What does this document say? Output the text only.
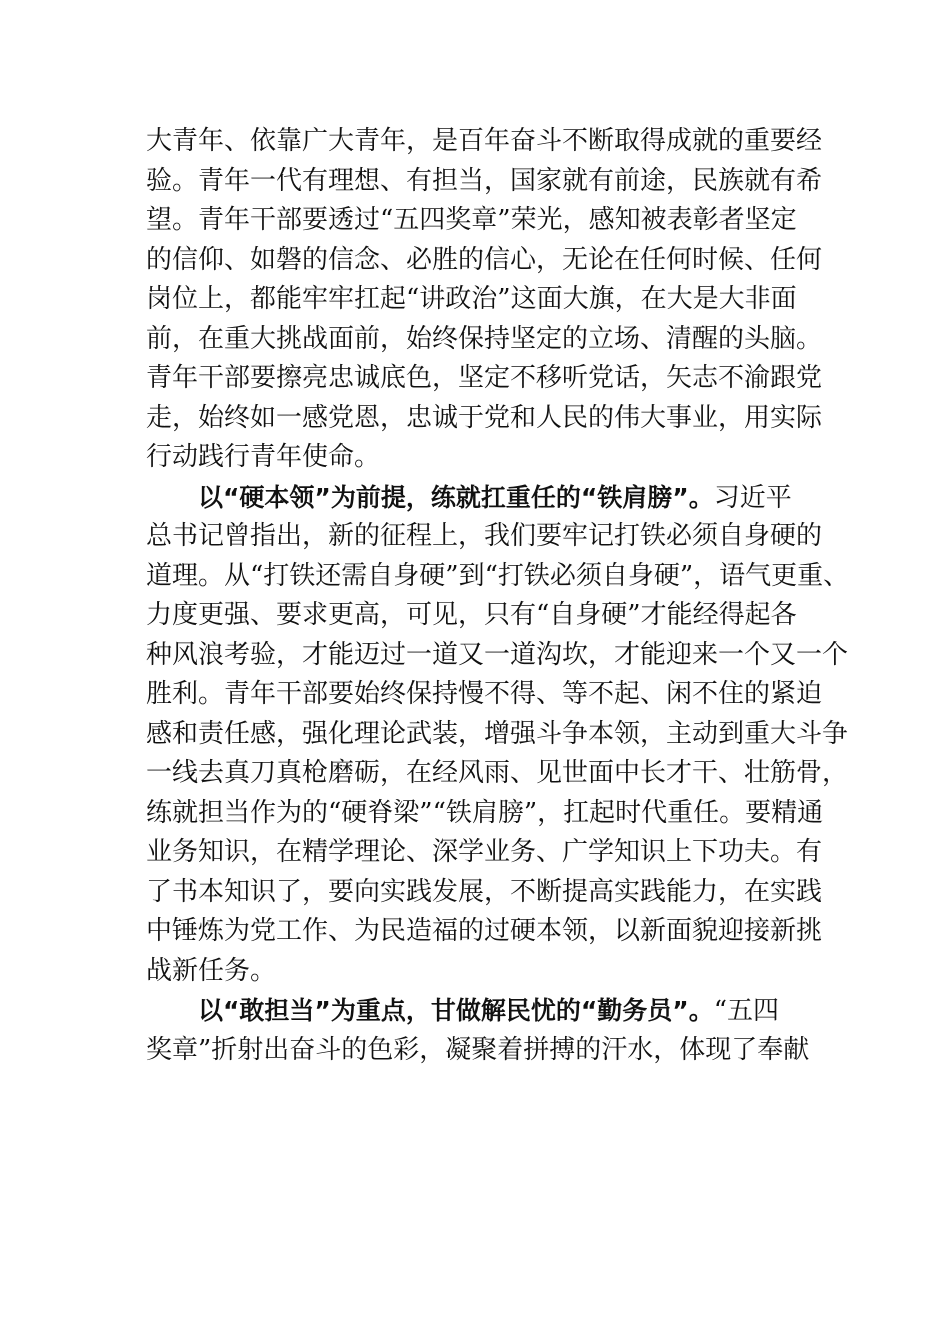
大青年、依靠广大青年，是百年奋斗不断取得成就的重要经
验。青年一代有理想、有担当，国家就有前途，民族就有希
望。青年干部要透过“五四奖章”荣光，感知被表彰者坚定
的信仰、如磐的信念、必胜的信心，无论在任何时候、任何
岗位上，都能牢牢扛起“讲政治”这面大旗，在大是大非面
前，在重大挑战面前，始终保持坚定的立场、清醒的头脑。
青年干部要擦亮忠诚底色，坚定不移听党话，矢志不渝跟党
走，始终如一感党恩，忠诚于党和人民的伟大事业，用实际
行动践行青年使命。
以“硬本领”为前提，练就扛重任的“铁肩膀”。习近平
总书记曾指出，新的征程上，我们要牢记打铁必须自身硬的
道理。从“打铁还需自身硬”到“打铁必须自身硬”，语气更重、
力度更强、要求更高，可见，只有“自身硬”才能经得起各
种风浪考验，才能迈过一道又一道沟坎，才能迎来一个又一个
胜利。青年干部要始终保持慢不得、等不起、闲不住的紧迫
感和责任感，强化理论武装，增强斗争本领，主动到重大斗争
一线去真刀真枪磨砺，在经风雨、见世面中长才干、壮筋骨，
练就担当作为的“硬脊梁”“铁肩膀”，扛起时代重任。要精通
业务知识，在精学理论、深学业务、广学知识上下功夫。有
了书本知识了，要向实践发展，不断提高实践能力，在实践
中锤炼为党工作、为民造福的过硬本领，以新面貌迎接新挑
战新任务。
以“敢担当”为重点，甘做解民忧的“勤务员”。“五四
奖章”折射出奋斗的色彩，凝聚着拼搏的汗水，体现了奉献
